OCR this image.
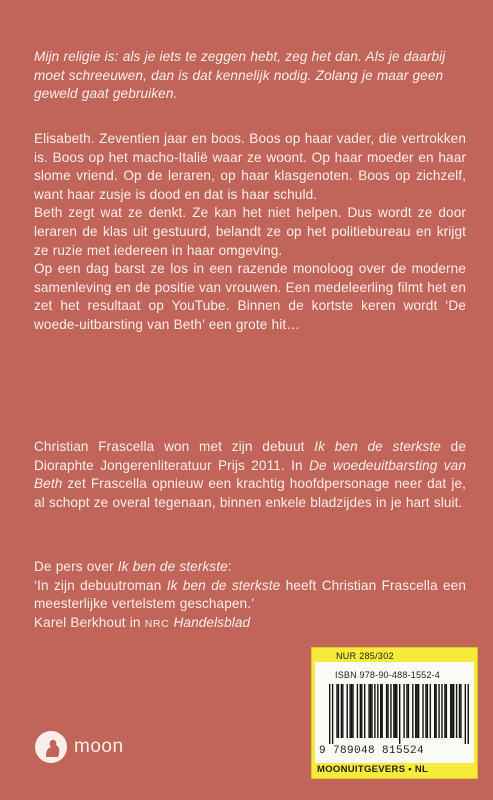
Mijn religie is: als je iets te zeggen hebt, zeg het dan. Als je daarbij moet schreeuwen, dan is dat kennelijk nodig. Zolang je maar geen geweld gaat gebruiken.

Elisabeth. Zeventien jaar en boos. Boos op haar vader, die vertrokken is. Boos op het macho-Italië waar ze woont. Op haar moeder en haar slome vriend. Op de leraren, op haar klasgenoten. Boos op zichzelf, want haar zusje is dood en dat is haar schuld.

Beth zegt wat ze denkt. Ze kan het niet helpen. Dus wordt ze door leraren de klas uit gestuurd, belandt ze op het politiebureau en krijgt ze ruzie met iedereen in haar omgeving.

Op een dag barst ze los in een razende monoloog over de moderne samenleving en de positie van vrouwen. Een medeleerling filmt het en zet het resultaat op YouTube. Binnen de kortste keren wordt ‘De woede-uitbarsting van Beth’ een grote hit…

Christian Frascella won met zijn debuut Ik ben de sterkste de Dioraphte Jongerenliteratuur Prijs 2011. In De woedeuitbarsting van Beth zet Frascella opnieuw een krachtig hoofdpersonage neer dat je, al schopt ze overal tegenaan, binnen enkele bladzijdes in je hart sluit.

De pers over Ik ben de sterkste:

‘In zijn debuutroman Ik ben de sterkste heeft Christian Frascella een meesterlijke vertelstem geschapen.’

Karel Berkhout in NRC Handelsblad

moon
NUR 285/302
ISBN 978-90-488-1552-4
9 789048 815524
MOONUITGEVERS • NL
